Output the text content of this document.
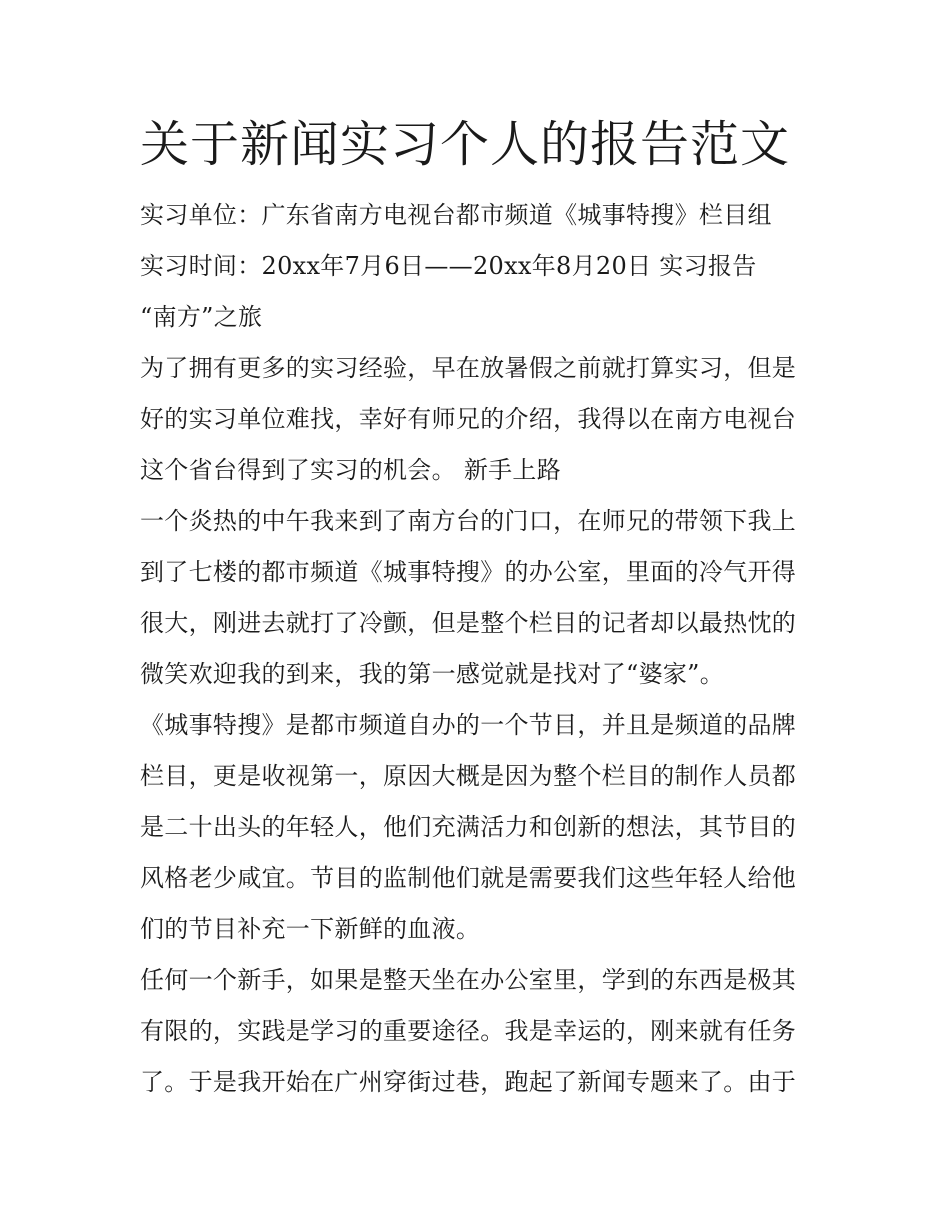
关于新闻实习个人的报告范文
实习单位：广东省南方电视台都市频道《城事特搜》栏目组
实习时间：20xx年7月6日——20xx年8月20日 实习报告
“南方”之旅
为了拥有更多的实习经验，早在放暑假之前就打算实习，但是
好的实习单位难找，幸好有师兄的介绍，我得以在南方电视台
这个省台得到了实习的机会。 新手上路
一个炎热的中午我来到了南方台的门口，在师兄的带领下我上
到了七楼的都市频道《城事特搜》的办公室，里面的冷气开得
很大，刚进去就打了冷颤，但是整个栏目的记者却以最热忱的
微笑欢迎我的到来，我的第一感觉就是找对了“婆家”。
《城事特搜》是都市频道自办的一个节目，并且是频道的品牌
栏目，更是收视第一，原因大概是因为整个栏目的制作人员都
是二十出头的年轻人，他们充满活力和创新的想法，其节目的
风格老少咸宜。节目的监制他们就是需要我们这些年轻人给他
们的节目补充一下新鲜的血液。
任何一个新手，如果是整天坐在办公室里，学到的东西是极其
有限的，实践是学习的重要途径。我是幸运的，刚来就有任务
了。于是我开始在广州穿街过巷，跑起了新闻专题来了。由于
